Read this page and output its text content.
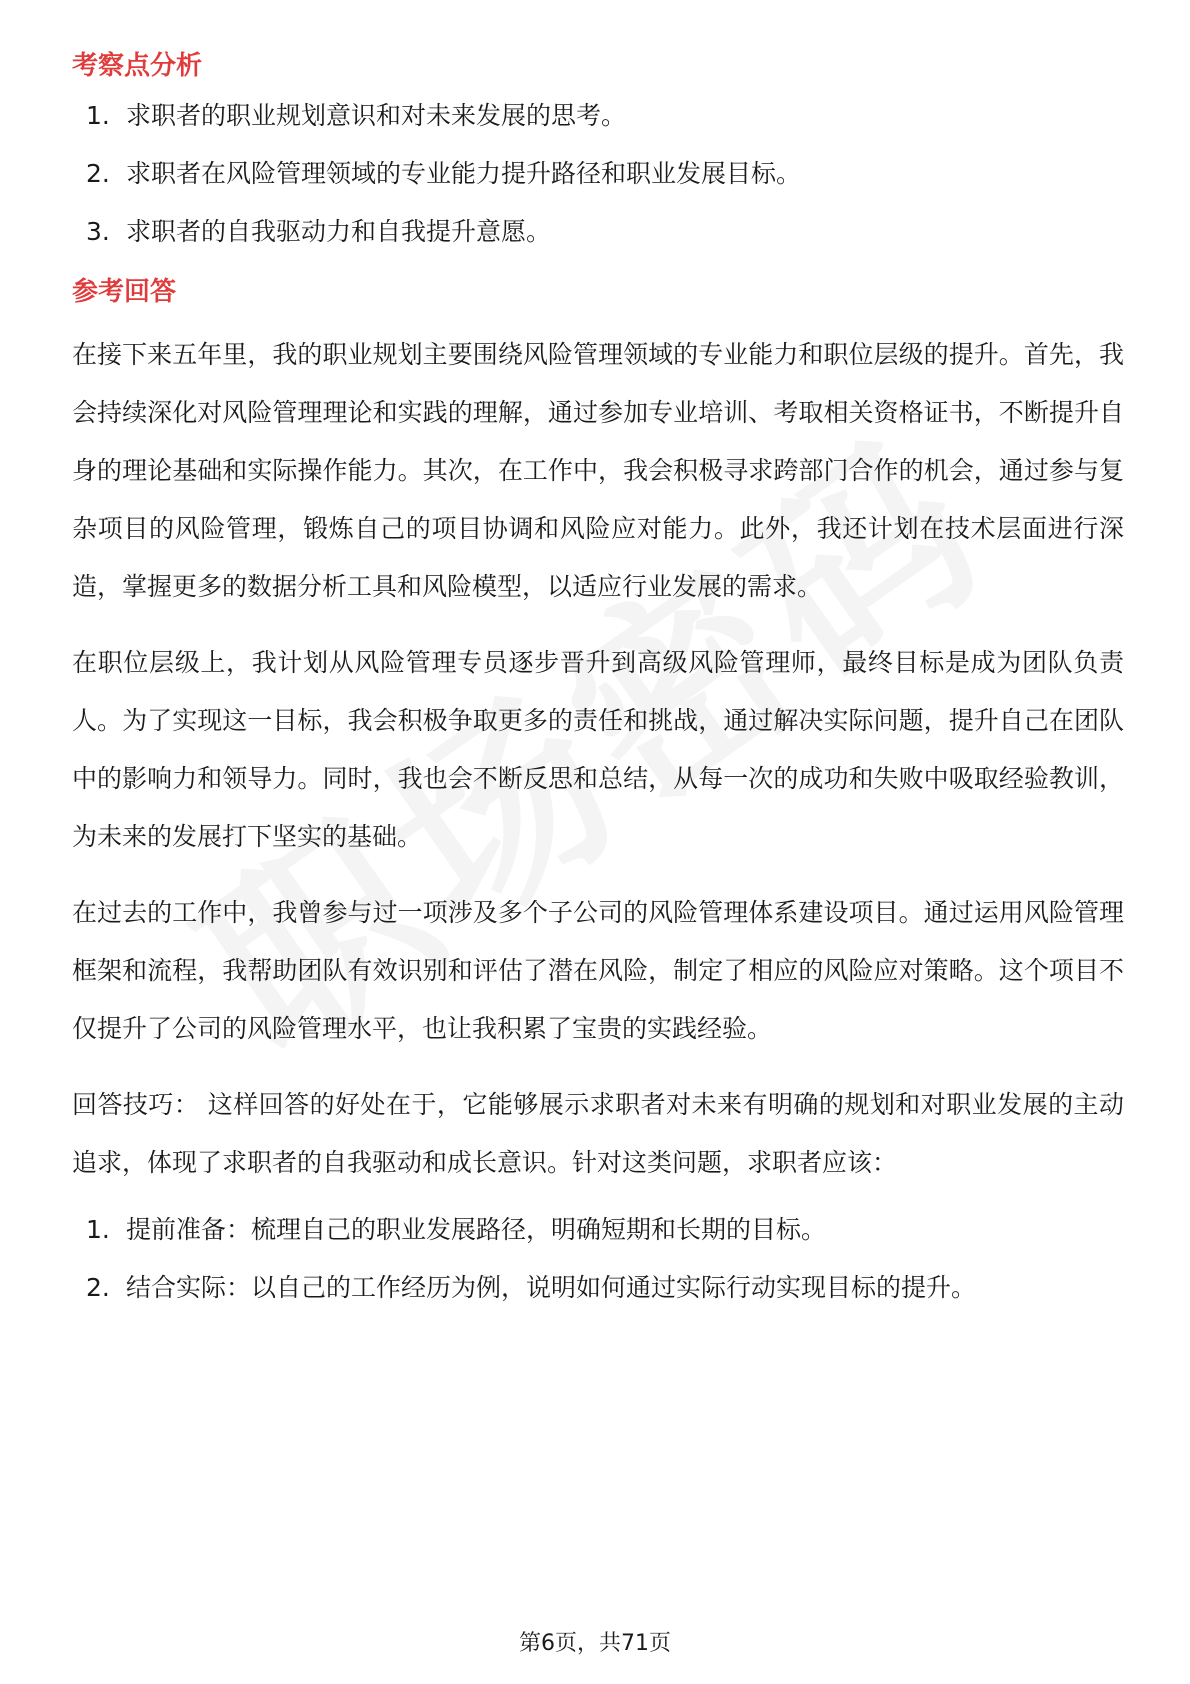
考察点分析
1. 求职者的职业规划意识和对未来发展的思考。
2. 求职者在风险管理领域的专业能力提升路径和职业发展目标。
3. 求职者的自我驱动力和自我提升意愿。
参考回答

在接下来五年里，我的职业规划主要围绕风险管理领域的专业能力和职位层级的提升。首先，我会持续深化对风险管理理论和实践的理解，通过参加专业培训、考取相关资格证书，不断提升自身的理论基础和实际操作能力。其次，在工作中，我会积极寻求跨部门合作的机会，通过参与复杂项目的风险管理，锻炼自己的项目协调和风险应对能力。此外，我还计划在技术层面进行深造，掌握更多的数据分析工具和风险模型，以适应行业发展的需求。

在职位层级上，我计划从风险管理专员逐步晋升到高级风险管理师，最终目标是成为团队负责人。为了实现这一目标，我会积极争取更多的责任和挑战，通过解决实际问题，提升自己在团队中的影响力和领导力。同时，我也会不断反思和总结，从每一次的成功和失败中吸取经验教训，为未来的发展打下坚实的基础。

在过去的工作中，我曾参与过一项涉及多个子公司的风险管理体系建设项目。通过运用风险管理框架和流程，我帮助团队有效识别和评估了潜在风险，制定了相应的风险应对策略。这个项目不仅提升了公司的风险管理水平，也让我积累了宝贵的实践经验。

回答技巧： 这样回答的好处在于，它能够展示求职者对未来有明确的规划和对职业发展的主动追求，体现了求职者的自我驱动和成长意识。针对这类问题，求职者应该：
1. 提前准备：梳理自己的职业发展路径，明确短期和长期的目标。
2. 结合实际：以自己的工作经历为例，说明如何通过实际行动实现目标的提升。
第6页，共71页
